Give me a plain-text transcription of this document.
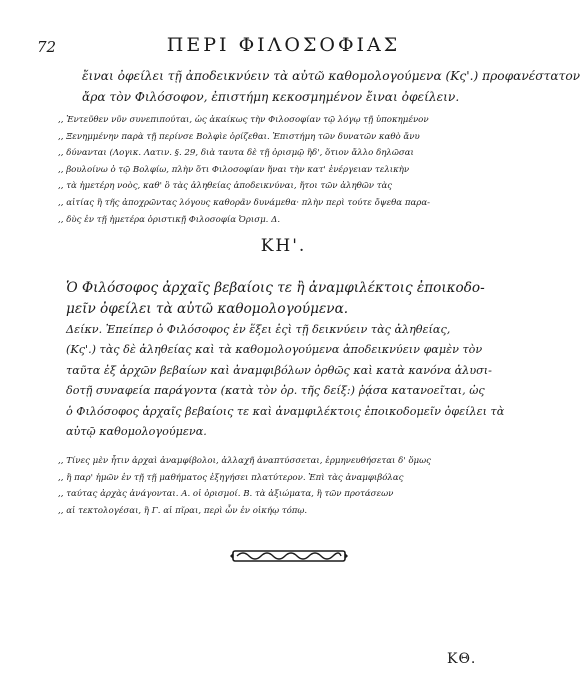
72	ΠΕΡΙ ΦΙΛΟΣΟΦΙΑΣ
ἔιναι ὀφείλει τῇ ἀποδεικνύειν τὰ αὐτῶ καθομολογούμενα (Κς'.) προφανέστατον
ἄρα τὸν Φιλόσοφον, ἐπιστήμη κεκοσμημένον ἔιναι ὀφείλειν.
,, Ἐντεῦθεν νῦν συνεπιπούται, ὡς ἀκαίκως τὴν Φιλοσοφίαν τῷ λόγῳ τῇ ὑποκημένον
,, Ξενημμένην παρὰ τῇ περίνσε Βολφὶε ὁρίζεθαι. Ἐπιστήμη τῶν δυνατῶν καθὸ ἄνυ
,, δύνανται (Λογικ. Λατιν. §. 29, διὰ ταυτα δὲ τῇ ὀρισμῷ ἢδ', ὅτιον ἄλλο δηλῶσαι
,, βουλοίνω ὁ τῷ Βολφίω, πλὴν ὅτι Φιλοσοφίαν ἥναι τὴν κατ' ἐνέργειαν τελικὴν
,, τὰ ἡμετέρη νοὸς, καθ' ὃ τὰς ἀληθείας ἀποδεικνύναι, ἤτοι τῶν ἀληθῶν τὰς
,, αἰτίας ἢ τῆς ἀποχρῶντας λόγους καθορᾶν δυνάμεθα· πλὴν περὶ τούτε ὄψεθα παρα-
,, δὺς ἐν τῇ ἡμετέρα ὁριστικῇ Φιλοσοφία Ὀρισμ. Δ.
ΚΗ'.
Ὁ Φιλόσοφος ἀρχαῖς βεβαίοις τε ἢ ἀναμφιλέκτοις ἐποικοδο-
μεῖν ὀφείλει τὰ αὐτῶ καθομολογούμενα.
Δείκν. Ἐπείπερ ὁ Φιλόσοφος ἐν ἕξει ἐςὶ τῇ δεικνύειν τὰς ἀληθείας,
(Κς'.) τὰς δὲ ἀληθείας καὶ τὰ καθομολογούμενα ἀποδεικνύειν φαμὲν τὸν
ταῦτα ἐξ ἀρχῶν βεβαίων καὶ ἀναμφιβόλων ὀρθῶς καὶ κατὰ κανόνα ἀλυσι-
δοτῇ συναφεία παράγοντα (κατὰ τὸν ὀρ. τῆς δείξ:) ῥᾴσα κατανοεῖται, ὡς
ὁ Φιλόσοφος ἀρχαῖς βεβαίοις τε καὶ ἀναμφιλέκτοις ἐποικοδομεῖν ὀφείλει τὰ
αὐτῷ καθομολογούμενα.
,, Τίνες μὲν ἦτιν ἀρχαὶ ἀναμφίβολοι, ἀλλαχῆ ἀναπτύσσεται, ἑρμηνευθήσεται δ' ὅμως
,, ἢ παρ' ἡμῶν ἐν τῇ τῇ μαθήματος ἐξηγήσει πλατύτερον. Ἐπὶ τὰς ἀναμφιβόλας
,, ταύτας ἀρχὰς ἀνάγονται. Α. οἱ ὁρισμοί. Β. τὰ ἀξιώματα, ἢ τῶν προτάσεων
,, αἱ τεκτολογέσαι, ἢ Γ. αἱ πῖραι, περὶ ὧν ἐν οἰκήῳ τόπῳ.
ΚΘ.
